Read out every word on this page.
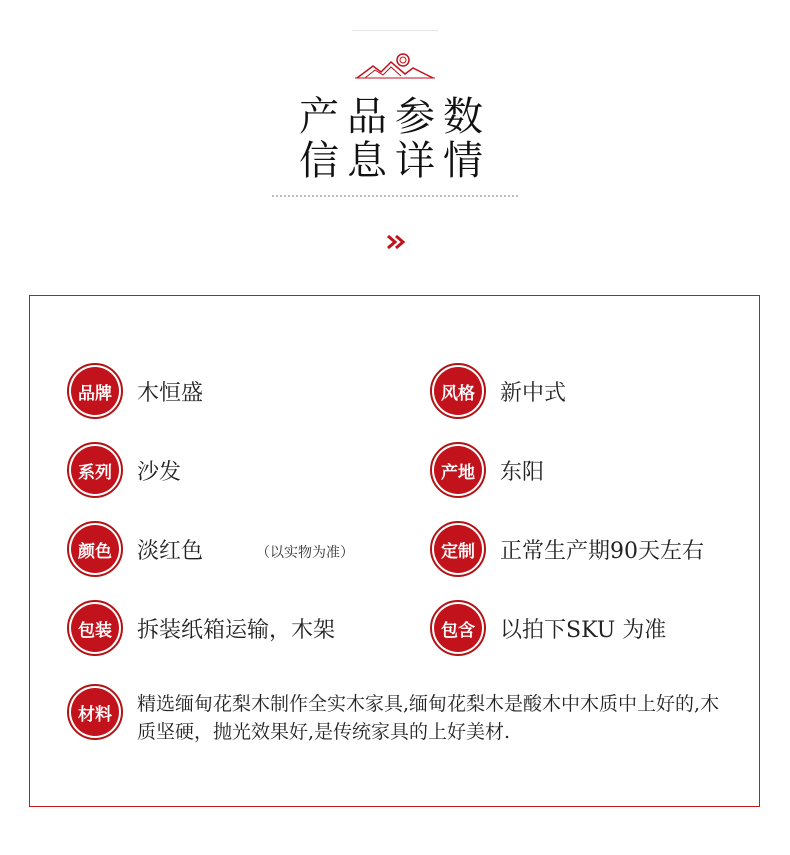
产品参数
信息详情
品牌	木恒盛	风格	新中式
系列	沙发	产地	东阳
颜色	淡红色	（以实物为准）	定制	正常生产期90天左右
包装	拆装纸箱运输，木架	包含	以拍下SKU 为准
材料	精选缅甸花梨木制作全实木家具,缅甸花梨木是酸木中木质中上好的,木质坚硬，抛光效果好,是传统家具的上好美材.
